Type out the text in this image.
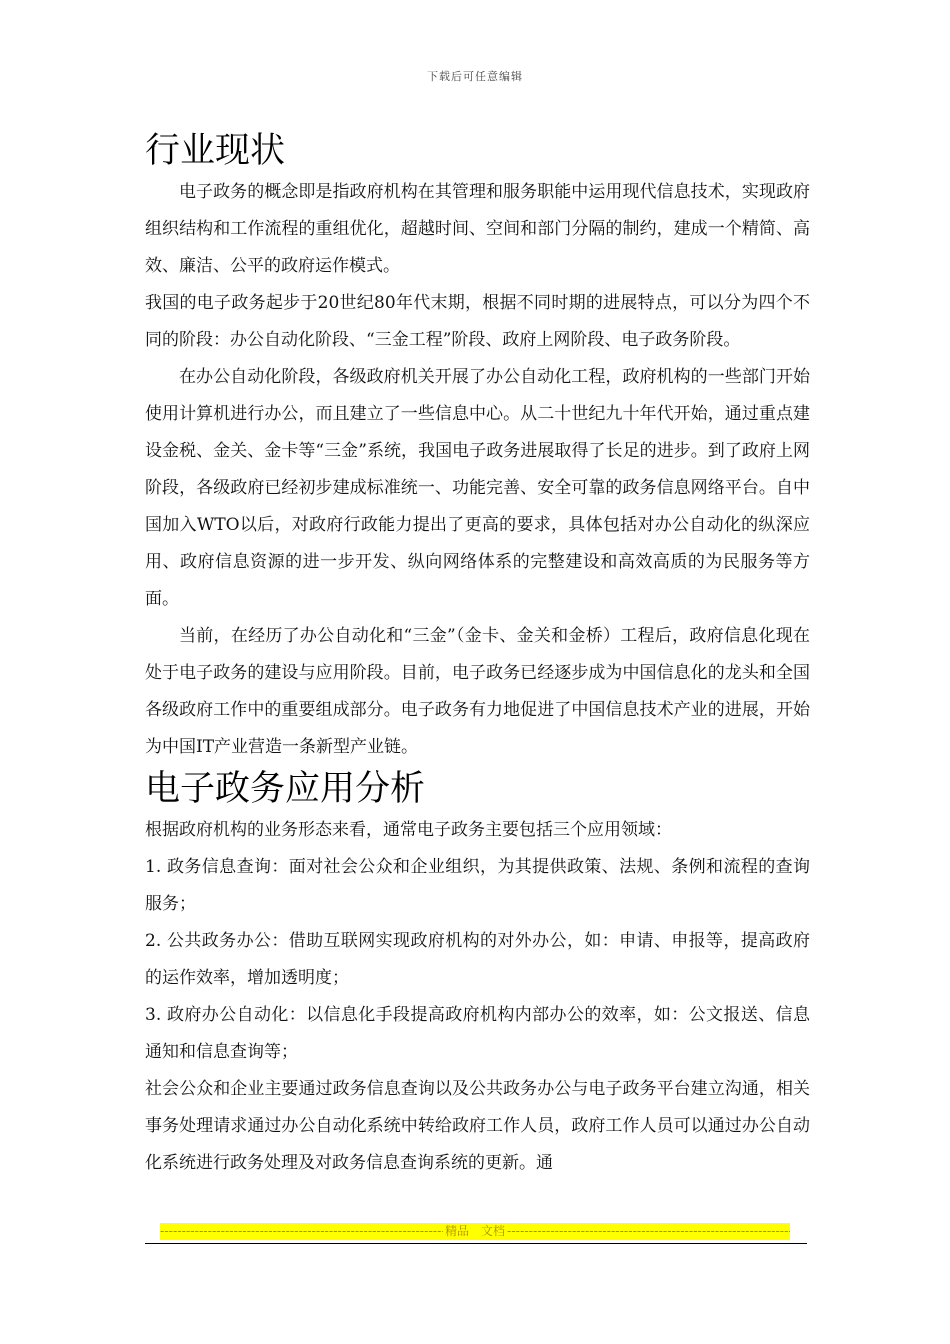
下载后可任意编辑
行业现状

电子政务的概念即是指政府机构在其管理和服务职能中运用现代信息技术，实现政府组织结构和工作流程的重组优化，超越时间、空间和部门分隔的制约，建成一个精简、高效、廉洁、公平的政府运作模式。

我国的电子政务起步于20世纪80年代末期，根据不同时期的进展特点，可以分为四个不同的阶段：办公自动化阶段、“三金工程”阶段、政府上网阶段、电子政务阶段。

在办公自动化阶段，各级政府机关开展了办公自动化工程，政府机构的一些部门开始使用计算机进行办公，而且建立了一些信息中心。从二十世纪九十年代开始，通过重点建设金税、金关、金卡等“三金”系统，我国电子政务进展取得了长足的进步。到了政府上网阶段，各级政府已经初步建成标准统一、功能完善、安全可靠的政务信息网络平台。自中国加入WTO以后，对政府行政能力提出了更高的要求，具体包括对办公自动化的纵深应用、政府信息资源的进一步开发、纵向网络体系的完整建设和高效高质的为民服务等方面。

当前，在经历了办公自动化和“三金”（金卡、金关和金桥）工程后，政府信息化现在处于电子政务的建设与应用阶段。目前，电子政务已经逐步成为中国信息化的龙头和全国各级政府工作中的重要组成部分。电子政务有力地促进了中国信息技术产业的进展，开始为中国IT产业营造一条新型产业链。

电子政务应用分析

根据政府机构的业务形态来看，通常电子政务主要包括三个应用领域：

1. 政务信息查询：面对社会公众和企业组织，为其提供政策、法规、条例和流程的查询服务；

2. 公共政务办公：借助互联网实现政府机构的对外办公，如：申请、申报等，提高政府的运作效率，增加透明度；

3. 政府办公自动化：以信息化手段提高政府机构内部办公的效率，如：公文报送、信息通知和信息查询等；

社会公众和企业主要通过政务信息查询以及公共政务办公与电子政务平台建立沟通，相关事务处理请求通过办公自动化系统中转给政府工作人员，政府工作人员可以通过办公自动化系统进行政务处理及对政务信息查询系统的更新。通

-----
精品　文档
-----
